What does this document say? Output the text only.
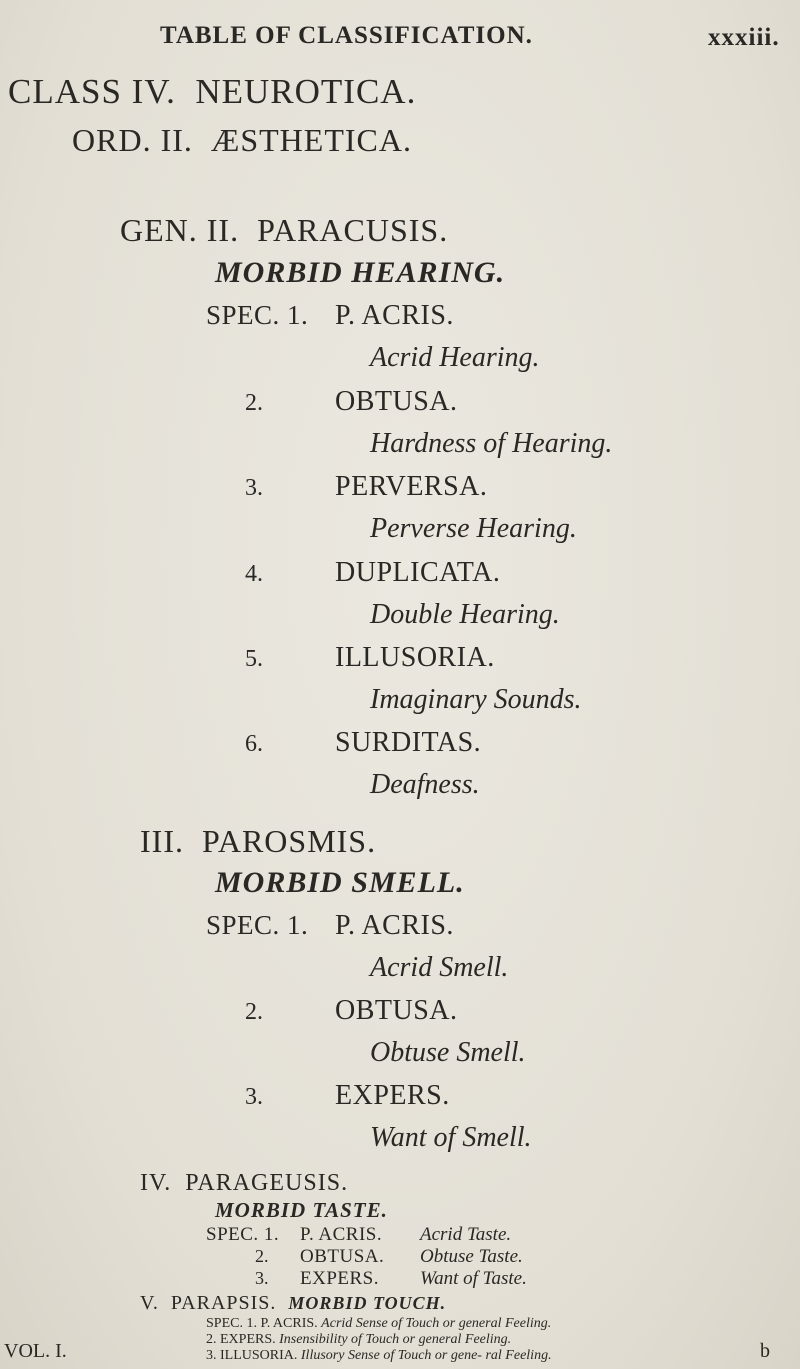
TABLE OF CLASSIFICATION.	xxxiii.
CLASS IV. NEUROTICA.
ORD. II. ÆSTHETICA.
GEN. II. PARACUSIS.
MORBID HEARING.
SPEC. 1. P. ACRIS.
Acrid Hearing.
2.	OBTUSA.
Hardness of Hearing.
3.	PERVERSA.
Perverse Hearing.
4.	DUPLICATA.
Double Hearing.
5.	ILLUSORIA.
Imaginary Sounds.
6.	SURDITAS.
Deafness.
III. PAROSMIS.
MORBID SMELL.
SPEC. 1. P. ACRIS.
Acrid Smell.
2.	OBTUSA.
Obtuse Smell.
3.	EXPERS.
Want of Smell.
IV. PARAGEUSIS.
MORBID TASTE.
SPEC. 1. P. ACRIS. Acrid Taste.
2. OBTUSA. Obtuse Taste.
3. EXPERS. Want of Taste.
V. PARAPSIS. MORBID TOUCH.
SPEC. 1. P. ACRIS. Acrid Sense of Touch or general Feeling.
2. EXPERS. Insensibility of Touch or general Feeling.
3. ILLUSORIA. Illusory Sense of Touch or gene- ral Feeling.
VOL. I.	b
